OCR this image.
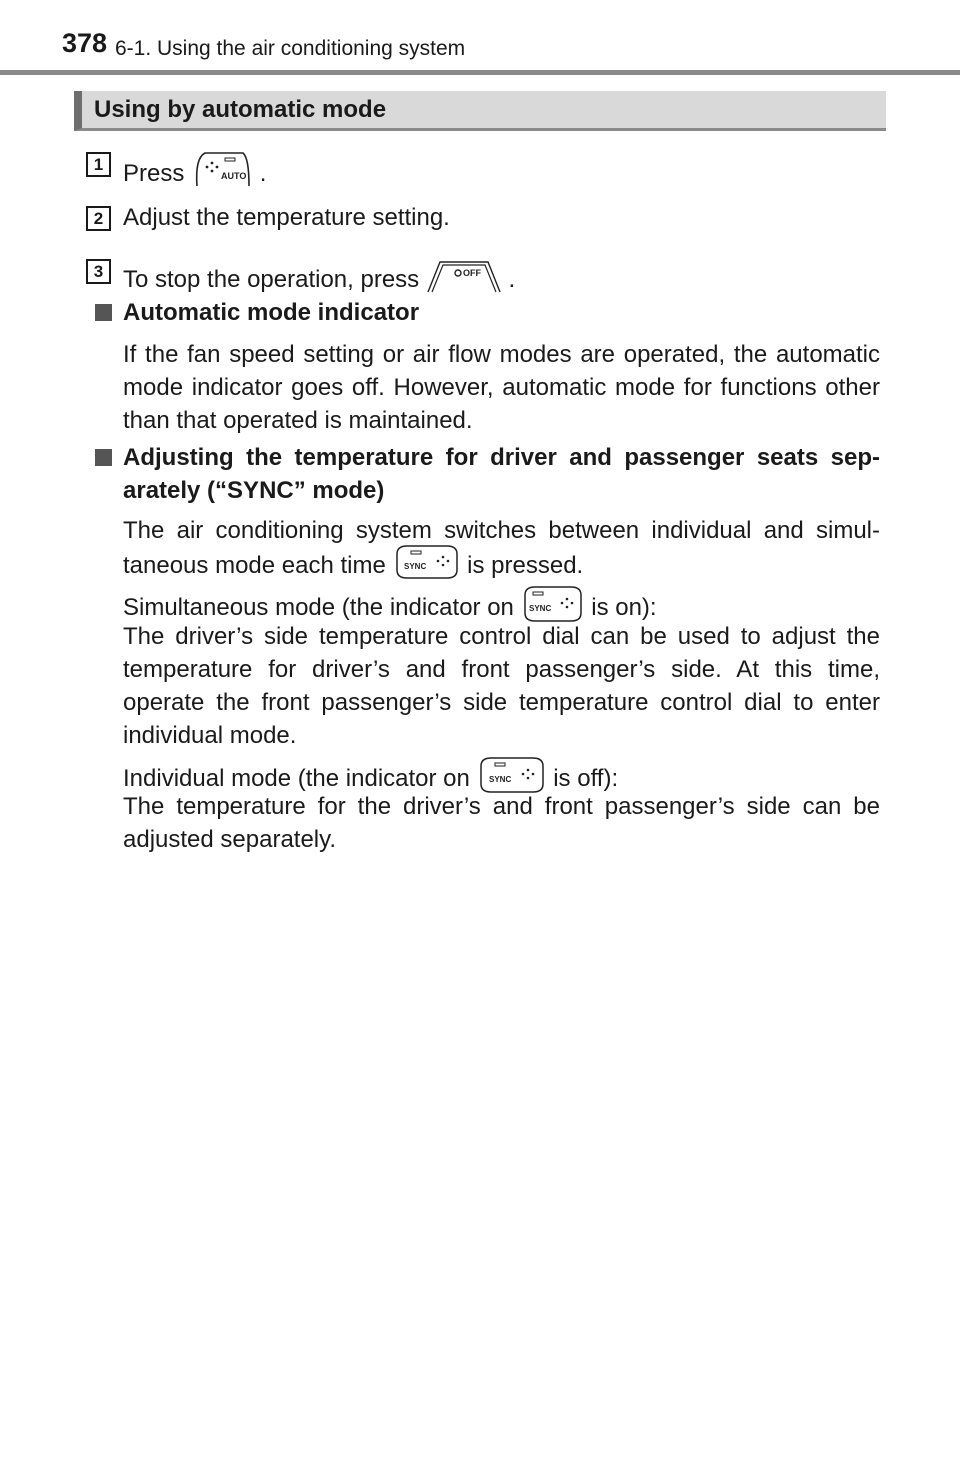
378 6-1. Using the air conditioning system
Using by automatic mode
1 Press	AUTO .
2 Adjust the temperature setting.
3 To stop the operation, press	OFF .
Automatic mode indicator
If the fan speed setting or air flow modes are operated, the automatic mode indicator goes off. However, automatic mode for functions other than that operated is maintained.
Adjusting the temperature for driver and passenger seats sep-
arately (“SYNC” mode)
The air conditioning system switches between individual and simul-
taneous mode each time SYNC is pressed.
Simultaneous mode (the indicator on SYNC is on):
The driver’s side temperature control dial can be used to adjust the temperature for driver’s and front passenger’s side. At this time, operate the front passenger’s side temperature control dial to enter individual mode.
Individual mode (the indicator on SYNC is off):
The temperature for the driver’s and front passenger’s side can be adjusted separately.
